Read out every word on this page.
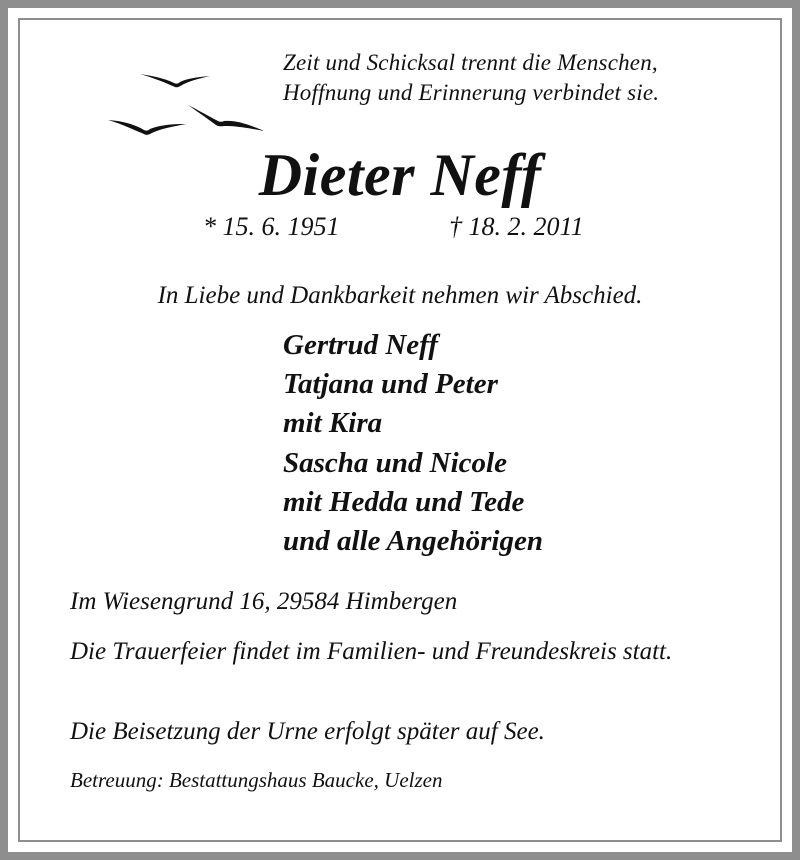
Zeit und Schicksal trennt die Menschen,
Hoffnung und Erinnerung verbindet sie.
Dieter Neff
* 15. 6. 1951	† 18. 2. 2011
In Liebe und Dankbarkeit nehmen wir Abschied.
Gertrud Neff
Tatjana und Peter
mit Kira
Sascha und Nicole
mit Hedda und Tede
und alle Angehörigen
Im Wiesengrund 16, 29584 Himbergen
Die Trauerfeier findet im Familien- und Freundeskreis statt.
Die Beisetzung der Urne erfolgt später auf See.
Betreuung: Bestattungshaus Baucke, Uelzen
